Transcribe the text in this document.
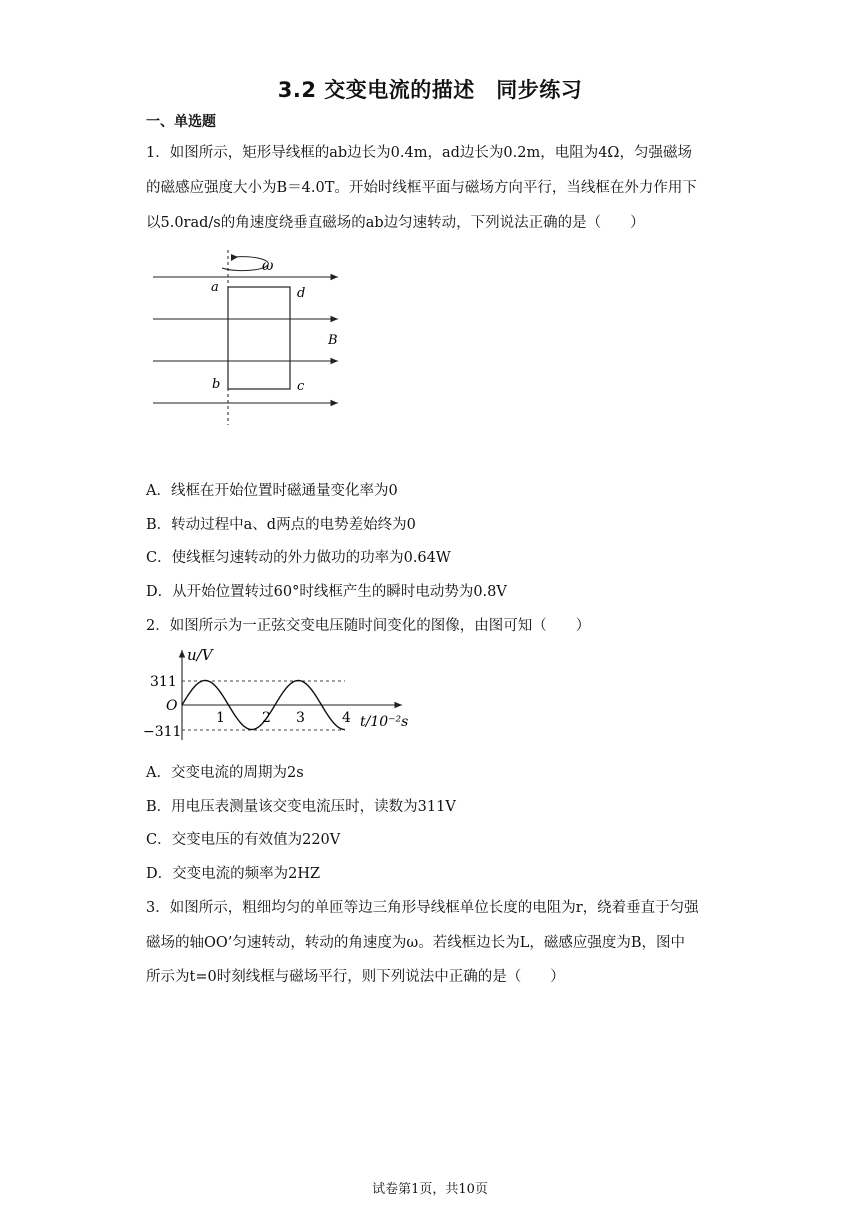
3.2 交变电流的描述　同步练习
一、单选题
1．如图所示，矩形导线框的ab边长为0.4m，ad边长为0.2m，电阻为4Ω，匀强磁场
的磁感应强度大小为B＝4.0T。开始时线框平面与磁场方向平行，当线框在外力作用下
以5.0rad/s的角速度绕垂直磁场的ab边匀速转动，下列说法正确的是（　　）
ω
a	d
b	c
B
A．线框在开始位置时磁通量变化率为0
B．转动过程中a、d两点的电势差始终为0
C．使线框匀速转动的外力做功的功率为0.64W
D．从开始位置转过60°时线框产生的瞬时电动势为0.8V
2．如图所示为一正弦交变电压随时间变化的图像，由图可知（　　）
u/V
311
−311
O
1	2 3	4 t/10⁻²s
A．交变电流的周期为2s
B．用电压表测量该交变电流压时，读数为311V
C．交变电压的有效值为220V
D．交变电流的频率为2HZ
3．如图所示，粗细均匀的单匝等边三角形导线框单位长度的电阻为r，绕着垂直于匀强
磁场的轴OO’匀速转动，转动的角速度为ω。若线框边长为L，磁感应强度为B，图中
所示为t=0时刻线框与磁场平行，则下列说法中正确的是（　　）
试卷第1页，共10页
